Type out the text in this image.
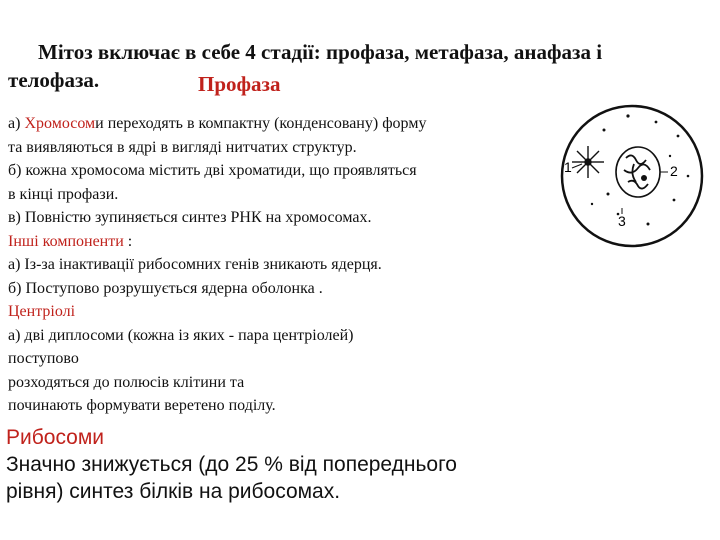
Мітоз включає в себе 4 стадії: профаза, метафаза, анафаза і
телофаза.	Профаза
а) Хромосоми переходять в компактну (конденсовану) форму
та виявляються в ядрі в вигляді нитчатих структур.
б) кожна хромосома містить дві хроматиди, що проявляться
в кінці профази.
в) Повністю зупиняється синтез РНК на хромосомах.
Інші компоненти :
а) Із-за інактивації рибосомних генів зникають ядерця.
б) Поступово розрушується ядерна оболонка .
Центріолі
а) дві диплосоми (кожна із яких - пара центріолей)
поступово
розходяться до полюсів клітини та
починають формувати веретено поділу.
Рибосоми
Значно знижується (до 25 % від попереднього
рівня) синтез білків на рибосомах.
1	2
3
